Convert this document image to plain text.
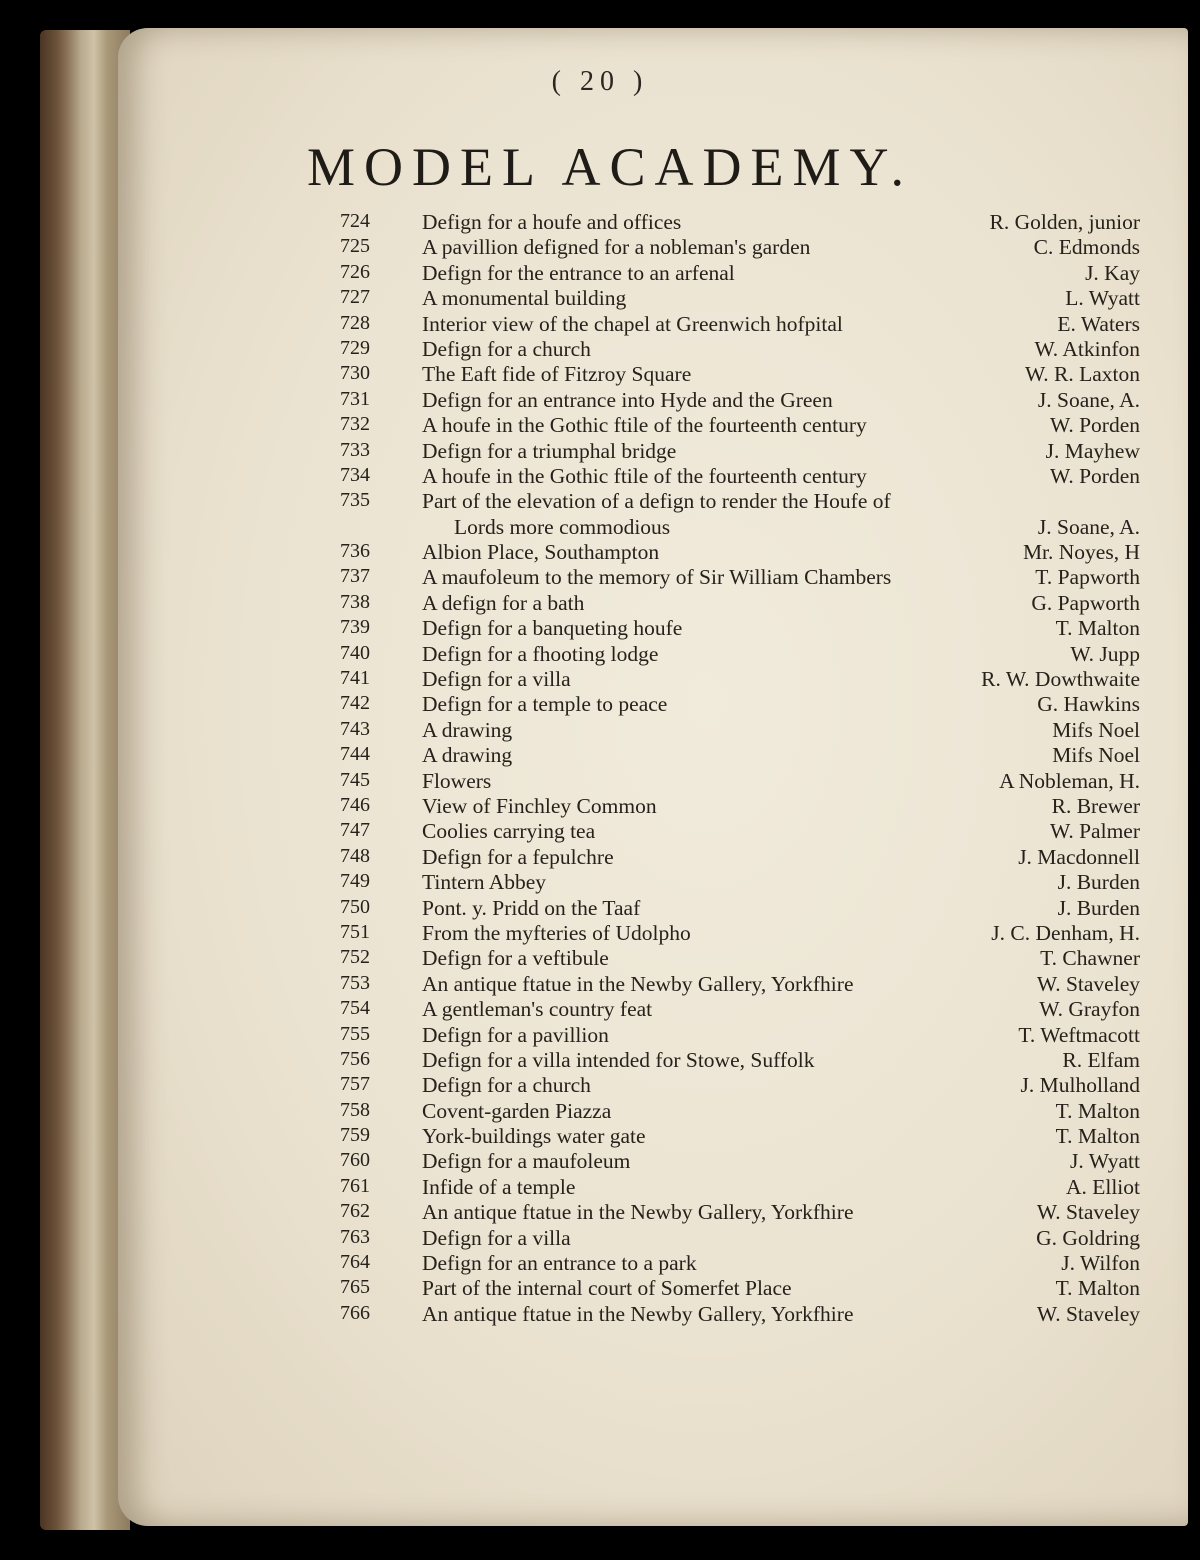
( 20 )
MODEL ACADEMY.
724 Defign for a houfe and offices	R. Golden, junior
725 A pavillion defigned for a nobleman's garden	C. Edmonds
726 Defign for the entrance to an arfenal	J. Kay
727 A monumental building	L. Wyatt
728 Interior view of the chapel at Greenwich hofpital	E. Waters
729 Defign for a church	W. Atkinfon
730 The Eaft fide of Fitzroy Square	W. R. Laxton
731 Defign for an entrance into Hyde and the Green	J. Soane, A.
732 A houfe in the Gothic ftile of the fourteenth century	W. Porden
733 Defign for a triumphal bridge	J. Mayhew
734 A houfe in the Gothic ftile of the fourteenth century	W. Porden
735 Part of the elevation of a defign to render the Houfe of
Lords more commodious	J. Soane, A.
736 Albion Place, Southampton	Mr. Noyes, H
737 A maufoleum to the memory of Sir William Chambers	T. Papworth
738 A defign for a bath	G. Papworth
739 Defign for a banqueting houfe	T. Malton
740 Defign for a fhooting lodge	W. Jupp
741 Defign for a villa	R. W. Dowthwaite
742 Defign for a temple to peace	G. Hawkins
743 A drawing	Mifs Noel
744 A drawing	Mifs Noel
745 Flowers	A Nobleman, H.
746 View of Finchley Common	R. Brewer
747 Coolies carrying tea	W. Palmer
748 Defign for a fepulchre	J. Macdonnell
749 Tintern Abbey	J. Burden
750 Pont. y. Pridd on the Taaf	J. Burden
751 From the myfteries of Udolpho	J. C. Denham, H.
752 Defign for a veftibule	T. Chawner
753 An antique ftatue in the Newby Gallery, Yorkfhire	W. Staveley
754 A gentleman's country feat	W. Grayfon
755 Defign for a pavillion	T. Weftmacott
756 Defign for a villa intended for Stowe, Suffolk	R. Elfam
757 Defign for a church	J. Mulholland
758 Covent-garden Piazza	T. Malton
759 York-buildings water gate	T. Malton
760 Defign for a maufoleum	J. Wyatt
761 Infide of a temple	A. Elliot
762 An antique ftatue in the Newby Gallery, Yorkfhire	W. Staveley
763 Defign for a villa	G. Goldring
764 Defign for an entrance to a park	J. Wilfon
765 Part of the internal court of Somerfet Place	T. Malton
766 An antique ftatue in the Newby Gallery, Yorkfhire	W. Staveley
